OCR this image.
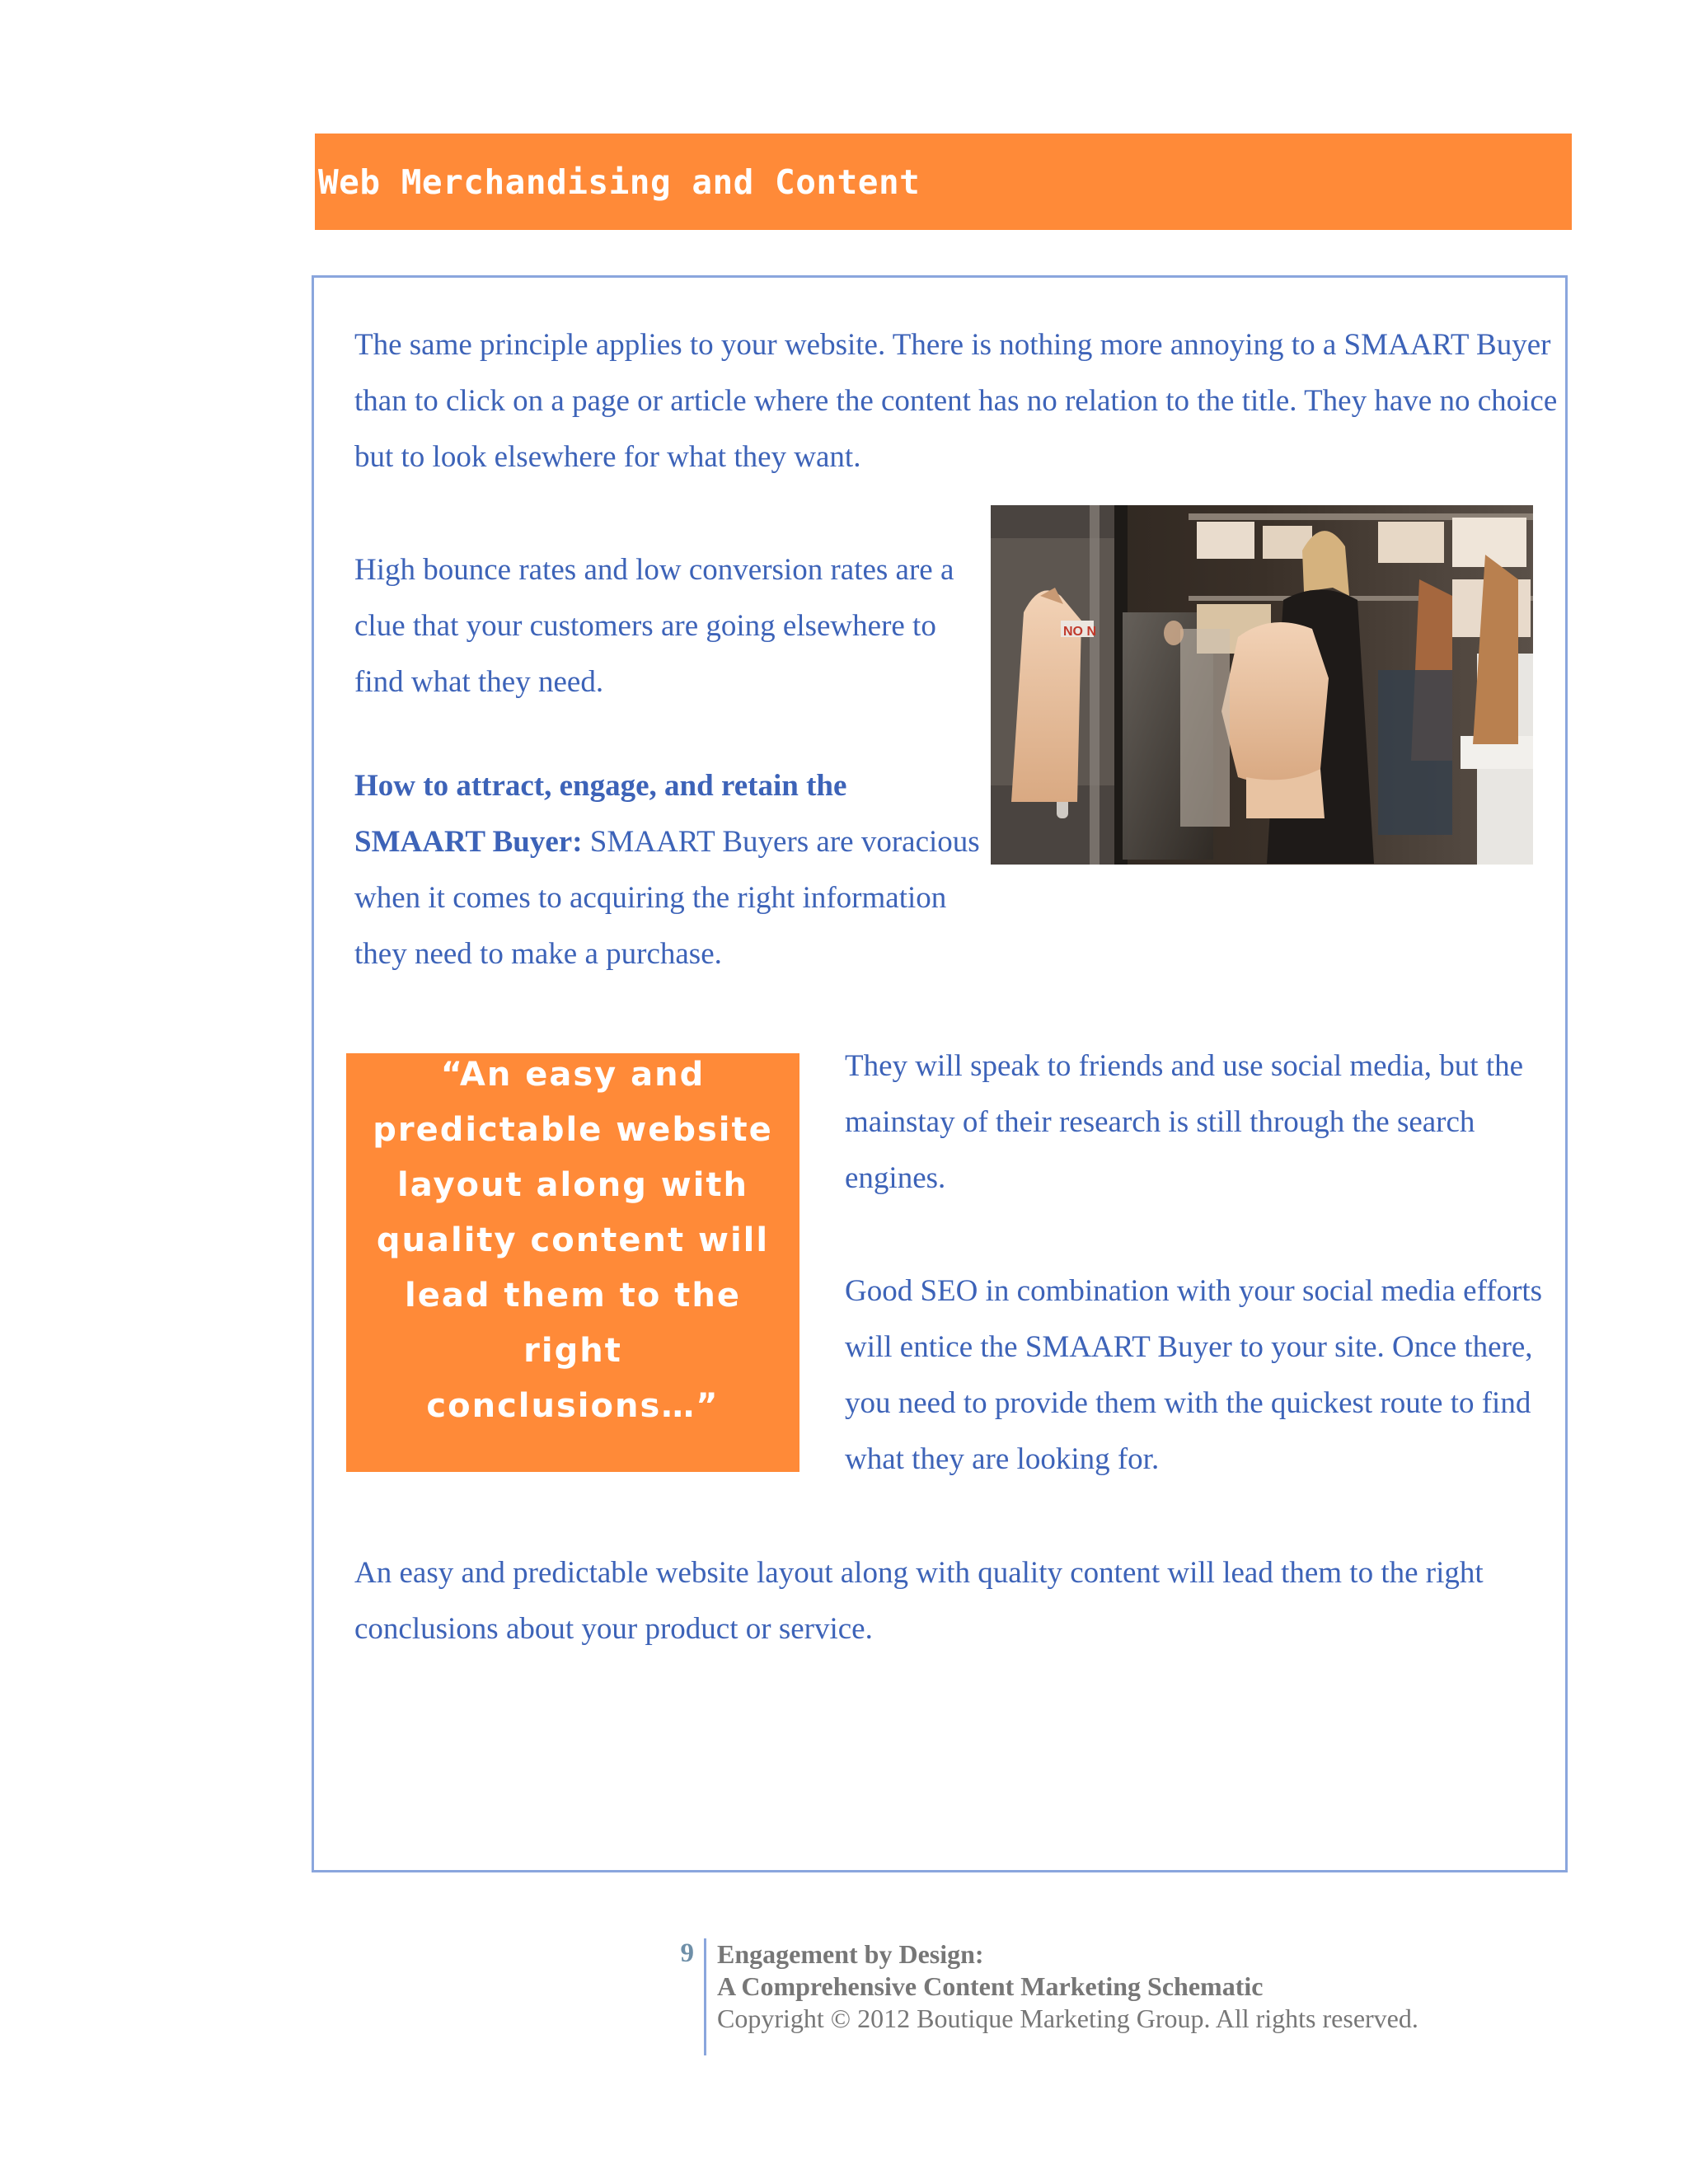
Web Merchandising and Content

The same principle applies to your website. There is nothing more annoying to a SMAART Buyer than to click on a page or article where the content has no relation to the title. They have no choice but to look elsewhere for what they want.

High bounce rates and low conversion rates are a clue that your customers are going elsewhere to find what they need.

How to attract, engage, and retain the SMAART Buyer: SMAART Buyers are voracious when it comes to acquiring the right information they need to make a purchase.

NO N
“An easy and predictable website layout along with quality content will lead them to the right conclusions…”

They will speak to friends and use social media, but the mainstay of their research is still through the search engines.

Good SEO in combination with your social media efforts will entice the SMAART Buyer to your site. Once there, you need to provide them with the quickest route to find what they are looking for.

An easy and predictable website layout along with quality content will lead them to the right conclusions about your product or service.

9 Engagement by Design:
A Comprehensive Content Marketing Schematic
Copyright © 2012 Boutique Marketing Group. All rights reserved.
